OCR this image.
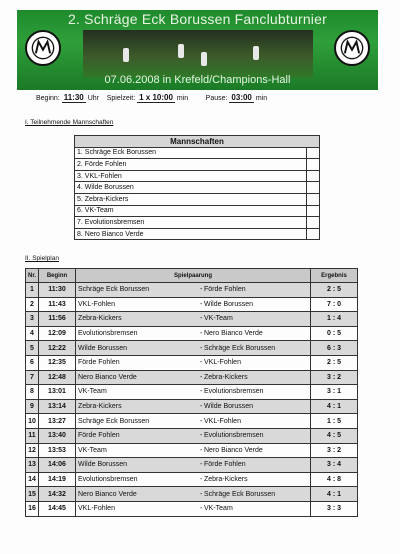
2. Schräge Eck Borussen Fanclubturnier
07.06.2008 in Krefeld/Champions-Hall
Beginn: 11:30 Uhr Spielzeit: 1 x 10:00 min	Pause: 03:00 min
I. Teilnehmende Mannschaften
Mannschaften	
1. Schräge Eck Borussen	
2. Förde Fohlen	
3. VKL-Fohlen	
4. Wilde Borussen	
5. Zebra-Kickers	
6. VK-Team	
7. Evolutionsbremsen	
8. Nero Bianco Verde	
II. Spielplan
Nr.	Beginn	Spielpaarung		Ergebnis
1	11:30	Schräge Eck Borussen	- Förde Fohlen	2 : 5
2	11:43	VKL-Fohlen	- Wilde Borussen	7 : 0
3	11:56	Zebra-Kickers	- VK-Team	1 : 4
4	12:09	Evolutionsbremsen	- Nero Bianco Verde	0 : 5
5	12:22	Wilde Borussen	- Schräge Eck Borussen	6 : 3
6	12:35	Förde Fohlen	- VKL-Fohlen	2 : 5
7	12:48	Nero Bianco Verde	- Zebra-Kickers	3 : 2
8	13:01	VK-Team	- Evolutionsbremsen	3 : 1
9	13:14	Zebra-Kickers	- Wilde Borussen	4 : 1
10	13:27	Schräge Eck Borussen	- VKL-Fohlen	1 : 5
11	13:40	Förde Fohlen	- Evolutionsbremsen	4 : 5
12	13:53	VK-Team	- Nero Bianco Verde	3 : 2
13	14:06	Wilde Borussen	- Förde Fohlen	3 : 4
14	14:19	Evolutionsbremsen	- Zebra-Kickers	4 : 8
15	14:32	Nero Bianco Verde	- Schräge Eck Borussen	4 : 1
16	14:45	VKL-Fohlen	- VK-Team	3 : 3
